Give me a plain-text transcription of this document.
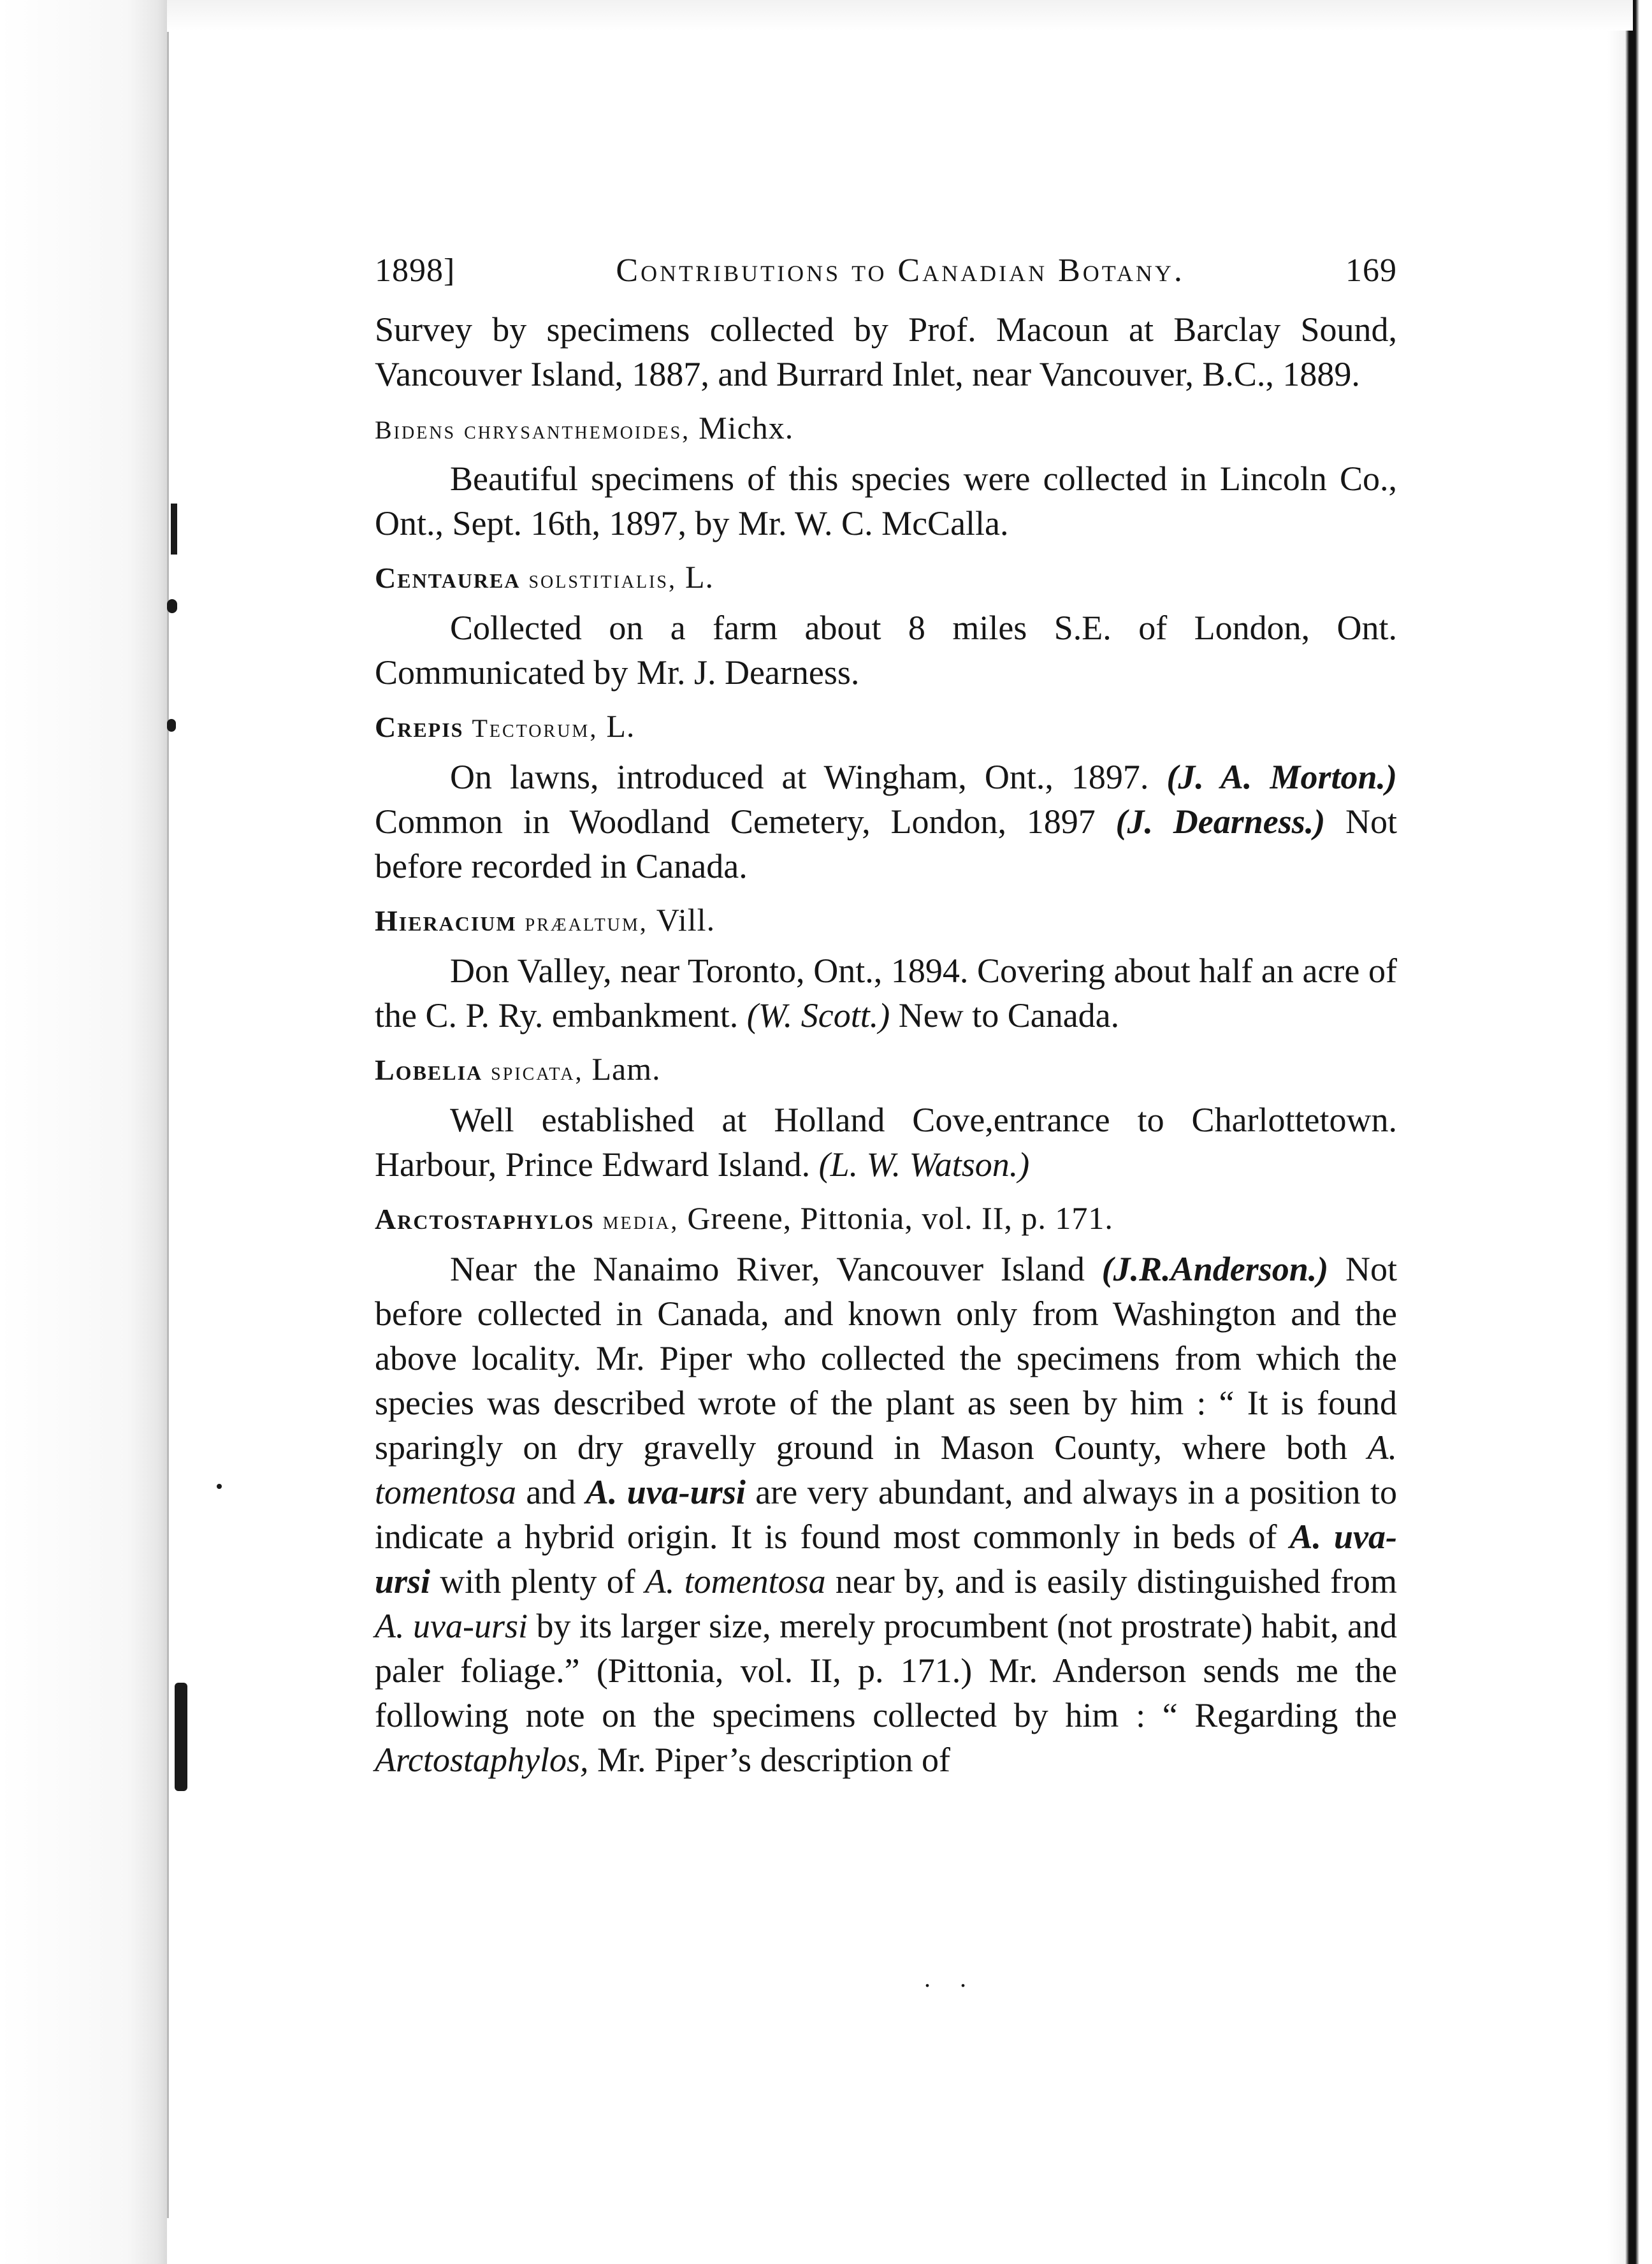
1898]	Contributions to Canadian Botany.	169

Survey by specimens collected by Prof. Macoun at Barclay Sound, Vancouver Island, 1887, and Burrard Inlet, near Vancouver, B.C., 1889.

Bidens chrysanthemoides, Michx.

Beautiful specimens of this species were collected in Lincoln Co., Ont., Sept. 16th, 1897, by Mr. W. C. McCalla.

Centaurea solstitialis, L.

Collected on a farm about 8 miles S.E. of London, Ont. Communicated by Mr. J. Dearness.

Crepis Tectorum, L.

On lawns, introduced at Wingham, Ont., 1897. (J. A. Morton.) Common in Woodland Cemetery, London, 1897 (J. Dearness.) Not before recorded in Canada.

Hieracium præaltum, Vill.

Don Valley, near Toronto, Ont., 1894. Covering about half an acre of the C. P. Ry. embankment. (W. Scott.) New to Canada.

Lobelia spicata, Lam.

Well established at Holland Cove,entrance to Charlottetown. Harbour, Prince Edward Island. (L. W. Watson.)

Arctostaphylos media, Greene, Pittonia, vol. II, p. 171.

Near the Nanaimo River, Vancouver Island (J.R.Anderson.) Not before collected in Canada, and known only from Washington and the above locality. Mr. Piper who collected the specimens from which the species was described wrote of the plant as seen by him : “ It is found sparingly on dry gravelly ground in Mason County, where both A. tomentosa and A. uva-ursi are very abundant, and always in a position to indicate a hybrid origin. It is found most commonly in beds of A. uva-ursi with plenty of A. tomentosa near by, and is easily distinguished from A. uva-ursi by its larger size, merely procumbent (not prostrate) habit, and paler foliage.” (Pittonia, vol. II, p. 171.) Mr. Anderson sends me the following note on the specimens collected by him : “ Regarding the Arctostaphylos, Mr. Piper’s description of

. .
